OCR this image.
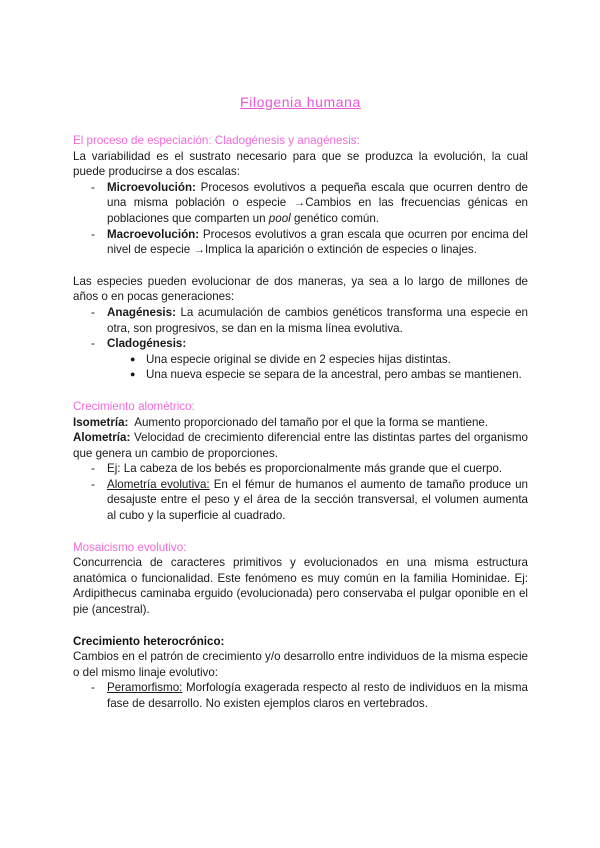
Filogenia humana

El proceso de especiación: Cladogénesis y anagénesis:

La variabilidad es el sustrato necesario para que se produzca la evolución, la cual puede producirse a dos escalas:

- Microevolución: Procesos evolutivos a pequeña escala que ocurren dentro de una misma población o especie →Cambios en las frecuencias génicas en poblaciones que comparten un pool genético común.
- Macroevolución: Procesos evolutivos a gran escala que ocurren por encima del nivel de especie →Implica la aparición o extinción de especies o linajes.

Las especies pueden evolucionar de dos maneras, ya sea a lo largo de millones de años o en pocas generaciones:

- Anagénesis: La acumulación de cambios genéticos transforma una especie en otra, son progresivos, se dan en la misma línea evolutiva.
- Cladogénesis:
● Una especie original se divide en 2 especies hijas distintas.
● Una nueva especie se separa de la ancestral, pero ambas se mantienen.

Crecimiento alométrico:

Isometría: Aumento proporcionado del tamaño por el que la forma se mantiene.

Alometría: Velocidad de crecimiento diferencial entre las distintas partes del organismo que genera un cambio de proporciones.

- Ej: La cabeza de los bebés es proporcionalmente más grande que el cuerpo.
- Alometría evolutiva: En el fémur de humanos el aumento de tamaño produce un desajuste entre el peso y el área de la sección transversal, el volumen aumenta al cubo y la superficie al cuadrado.

Mosaicismo evolutivo:

Concurrencia de caracteres primitivos y evolucionados en una misma estructura anatómica o funcionalidad. Este fenómeno es muy común en la familia Hominidae. Ej: Ardipithecus caminaba erguido (evolucionada) pero conservaba el pulgar oponible en el pie (ancestral).

Crecimiento heterocrónico:

Cambios en el patrón de crecimiento y/o desarrollo entre individuos de la misma especie o del mismo linaje evolutivo:

- Peramorfismo: Morfología exagerada respecto al resto de individuos en la misma fase de desarrollo. No existen ejemplos claros en vertebrados.
